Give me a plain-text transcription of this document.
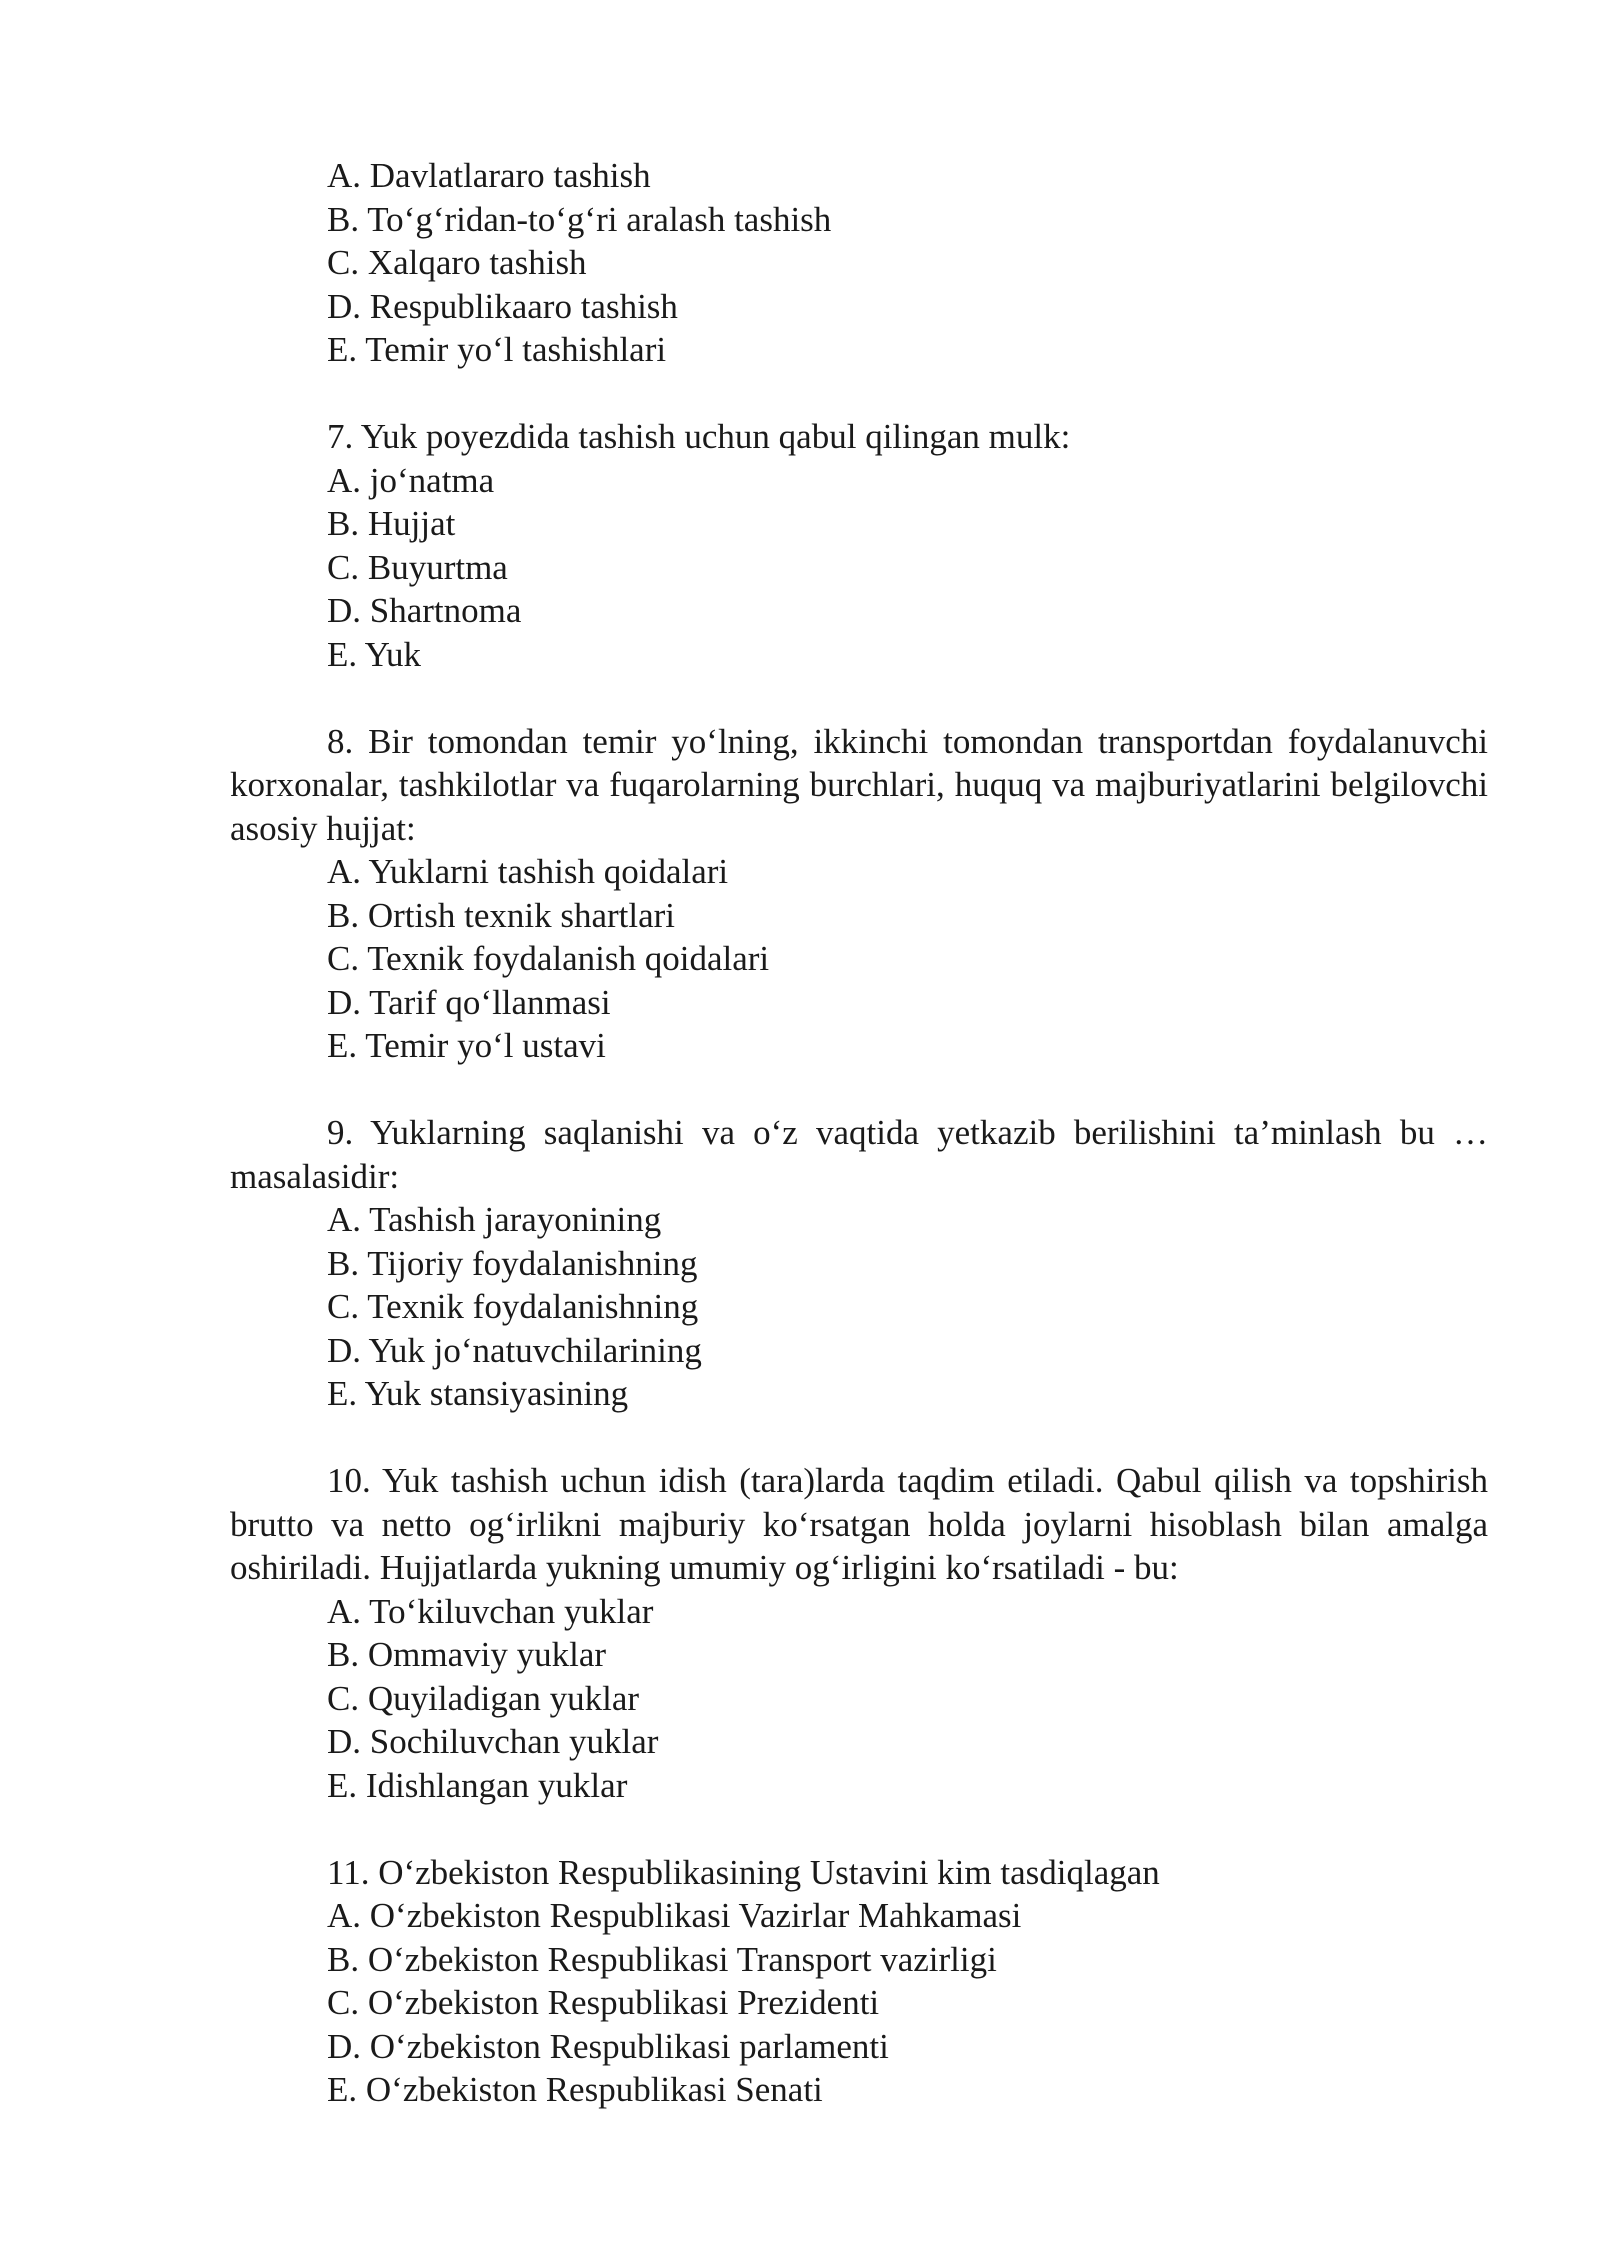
A. Davlatlararo tashish
B. To‘g‘ridan-to‘g‘ri aralash tashish
C. Xalqaro tashish
D. Respublikaaro tashish
E. Temir yo‘l tashishlari

7. Yuk poyezdida tashish uchun qabul qilingan mulk:

A. jo‘natma
B. Hujjat
C. Buyurtma
D. Shartnoma
E. Yuk

8. Bir tomondan temir yo‘lning, ikkinchi tomondan transportdan foydalanuvchi korxonalar, tashkilotlar va fuqarolarning burchlari, huquq va majburiyatlarini belgilovchi asosiy hujjat:

A. Yuklarni tashish qoidalari
B. Ortish texnik shartlari
C. Texnik foydalanish qoidalari
D. Tarif qo‘llanmasi
E. Temir yo‘l ustavi

9. Yuklarning saqlanishi va o‘z vaqtida yetkazib berilishini ta’minlash bu … masalasidir:

A. Tashish jarayonining
B. Tijoriy foydalanishning
C. Texnik foydalanishning
D. Yuk jo‘natuvchilarining
E. Yuk stansiyasining

10. Yuk tashish uchun idish (tara)larda taqdim etiladi. Qabul qilish va topshirish brutto va netto og‘irlikni majburiy ko‘rsatgan holda joylarni hisoblash bilan amalga oshiriladi. Hujjatlarda yukning umumiy og‘irligini ko‘rsatiladi - bu:

A. To‘kiluvchan yuklar
B. Ommaviy yuklar
C. Quyiladigan yuklar
D. Sochiluvchan yuklar
E. Idishlangan yuklar

11. O‘zbekiston Respublikasining Ustavini kim tasdiqlagan

A. O‘zbekiston Respublikasi Vazirlar Mahkamasi
B. O‘zbekiston Respublikasi Transport vazirligi
C. O‘zbekiston Respublikasi Prezidenti
D. O‘zbekiston Respublikasi parlamenti
E. O‘zbekiston Respublikasi Senati
